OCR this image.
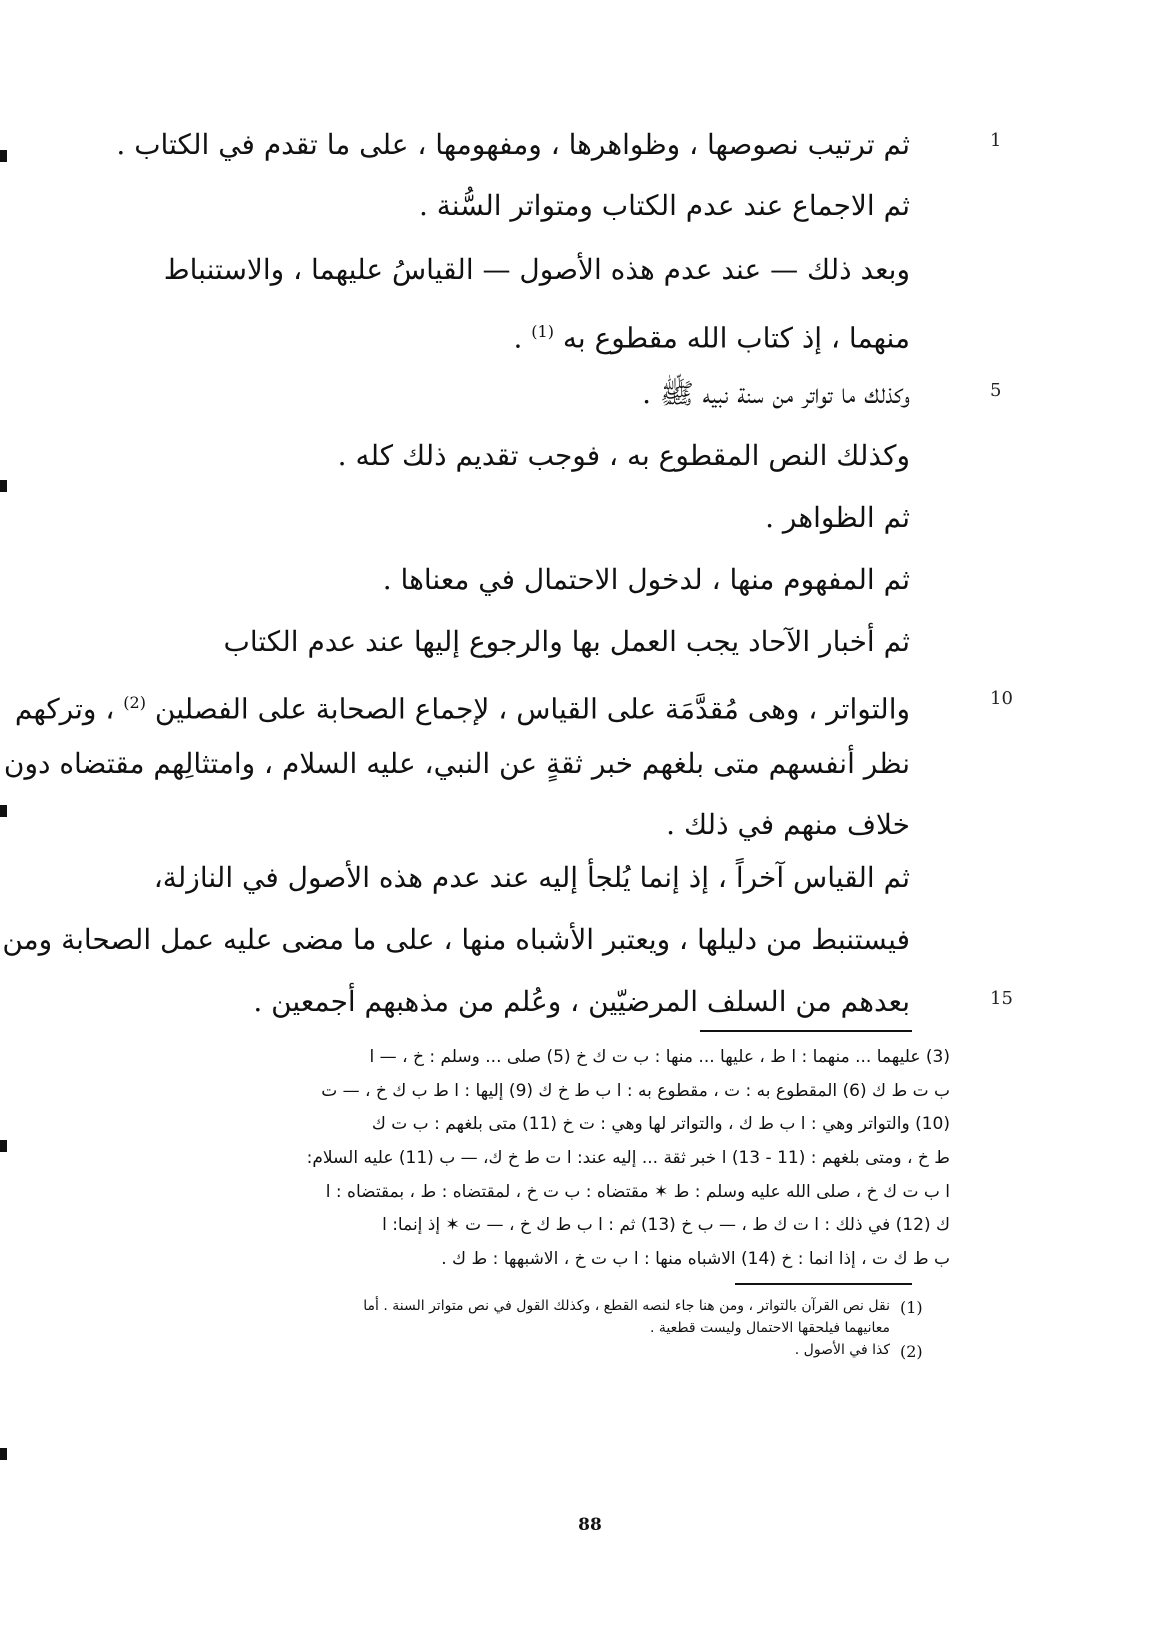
1
5
10
15
ثم ترتيب نصوصها ، وظواهرها ، ومفهومها ، على ما تقدم في الكتاب .
ثم الاجماع عند عدم الكتاب ومتواتر السُّنة .
وبعد ذلك — عند عدم هذه الأصول — القياسُ عليهما ، والاستنباط
منهما ، إذ كتاب الله مقطوع به $^{(1)}$ .
وكذلك ما تواتر من سنة نبيه ﷺ .
وكذلك النص المقطوع به ، فوجب تقديم ذلك كله .
ثم الظواهر .
ثم المفهوم منها ، لدخول الاحتمال في معناها .
ثم أخبار الآحاد يجب العمل بها والرجوع إليها عند عدم الكتاب
والتواتر ، وهى مُقدَّمَة على القياس ، لإجماع الصحابة على الفصلين $^{(2)}$ ، وتركهم
نظر أنفسهم متى بلغهم خبر ثقةٍ عن النبي، عليه السلام ، وامتثالِهم مقتضاه دون
خلاف منهم في ذلك .
ثم القياس آخراً ، إذ إنما يُلجأ إليه عند عدم هذه الأصول في النازلة،
فيستنبط من دليلها ، ويعتبر الأشباه منها ، على ما مضى عليه عمل الصحابة ومن
بعدهم من السلف المرضيّين ، وعُلم من مذهبهم أجمعين .
(3) عليهما ... منهما : ا ط ، عليها ... منها : ب ت ك خ (5) صلى ... وسلم : خ ، — ا
ب ت ط ك (6) المقطوع به : ت ، مقطوع به : ا ب ط خ ك (9) إليها : ا ط ب ك خ ، — ت
(10) والتواتر وهي : ا ب ط ك ، والتواتر لها وهي : ت خ (11) متى بلغهم : ب ت ك
ط خ ، ومتى بلغهم : (11 - 13) ا خبر ثقة ... إليه عند: ا ت ط خ ك، — ب (11) عليه السلام:
ا ب ت ك خ ، صلى الله عليه وسلم : ط ✶ مقتضاه : ب ت خ ، لمقتضاه : ط ، بمقتضاه : ا
ك (12) في ذلك : ا ت ك ط ، — ب خ (13) ثم : ا ب ط ك خ ، — ت ✶ إذ إنما: ا
ب ط ك ت ، إذا انما : خ (14) الاشباه منها : ا ب ت خ ، الاشبهها : ط ك .
(1)
نقل نص القرآن بالتواتر ، ومن هنا جاء لنصه القطع ، وكذلك القول في نص متواتر السنة . أما
معانيهما فيلحقها الاحتمال وليست قطعية .
(2)
كذا في الأصول .
88
